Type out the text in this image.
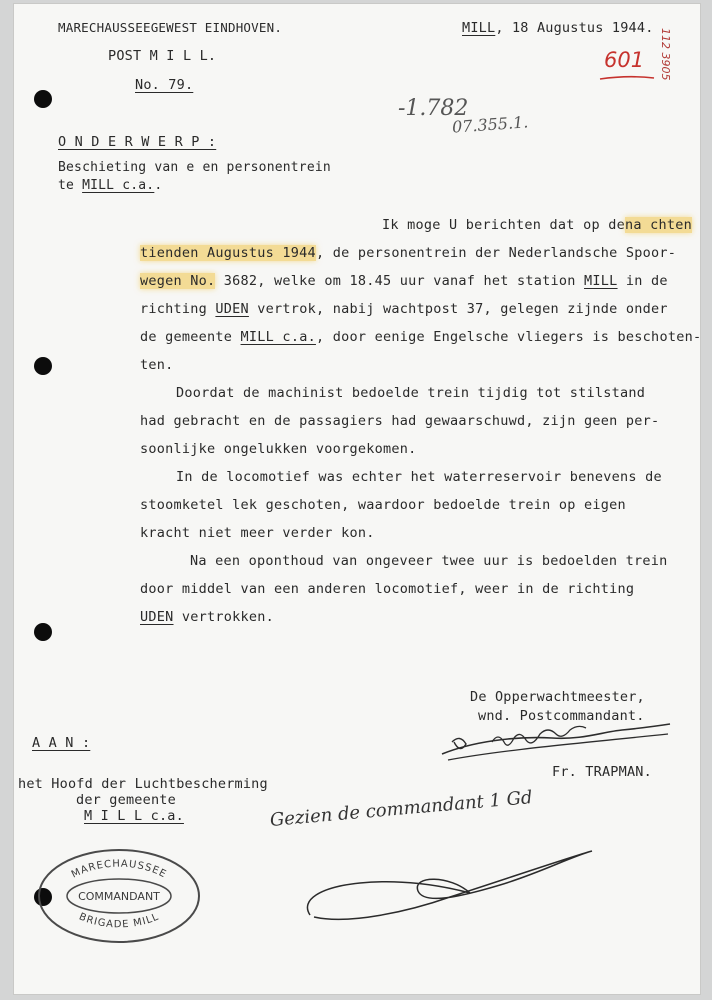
MARECHAUSSEEGEWEST EINDHOVEN.
POST M I L L.
No. 79.
MILL, 18 Augustus 1944.
601 112 3905
-1.782
07.355.1.
O N D E R W E R P :
Beschieting van e en personentrein
te MILL c.a..
Ik moge U berichten dat op dena chten
tienden Augustus 1944, de personentrein der Nederlandsche Spoor-
wegen No. 3682, welke om 18.45 uur vanaf het station MILL in de
richting UDEN vertrok, nabij wachtpost 37, gelegen zijnde onder
de gemeente MILL c.a., door eenige Engelsche vliegers is beschoten-
ten.
Doordat de machinist bedoelde trein tijdig tot stilstand
had gebracht en de passagiers had gewaarschuwd, zijn geen per-
soonlijke ongelukken voorgekomen.
In de locomotief was echter het waterreservoir benevens de
stoomketel lek geschoten, waardoor bedoelde trein op eigen
kracht niet meer verder kon.
Na een oponthoud van ongeveer twee uur is bedoelden trein
door middel van een anderen locomotief, weer in de richting
UDEN vertrokken.
De Opperwachtmeester,
wnd. Postcommandant.
Fr. TRAPMAN.
A A N :
het Hoofd der Luchtbescherming
der gemeente
M I L L c.a.	Gezien de commandant 1 Gd
MARECHAUSSEE
COMMANDANT
BRIGADE MILL
